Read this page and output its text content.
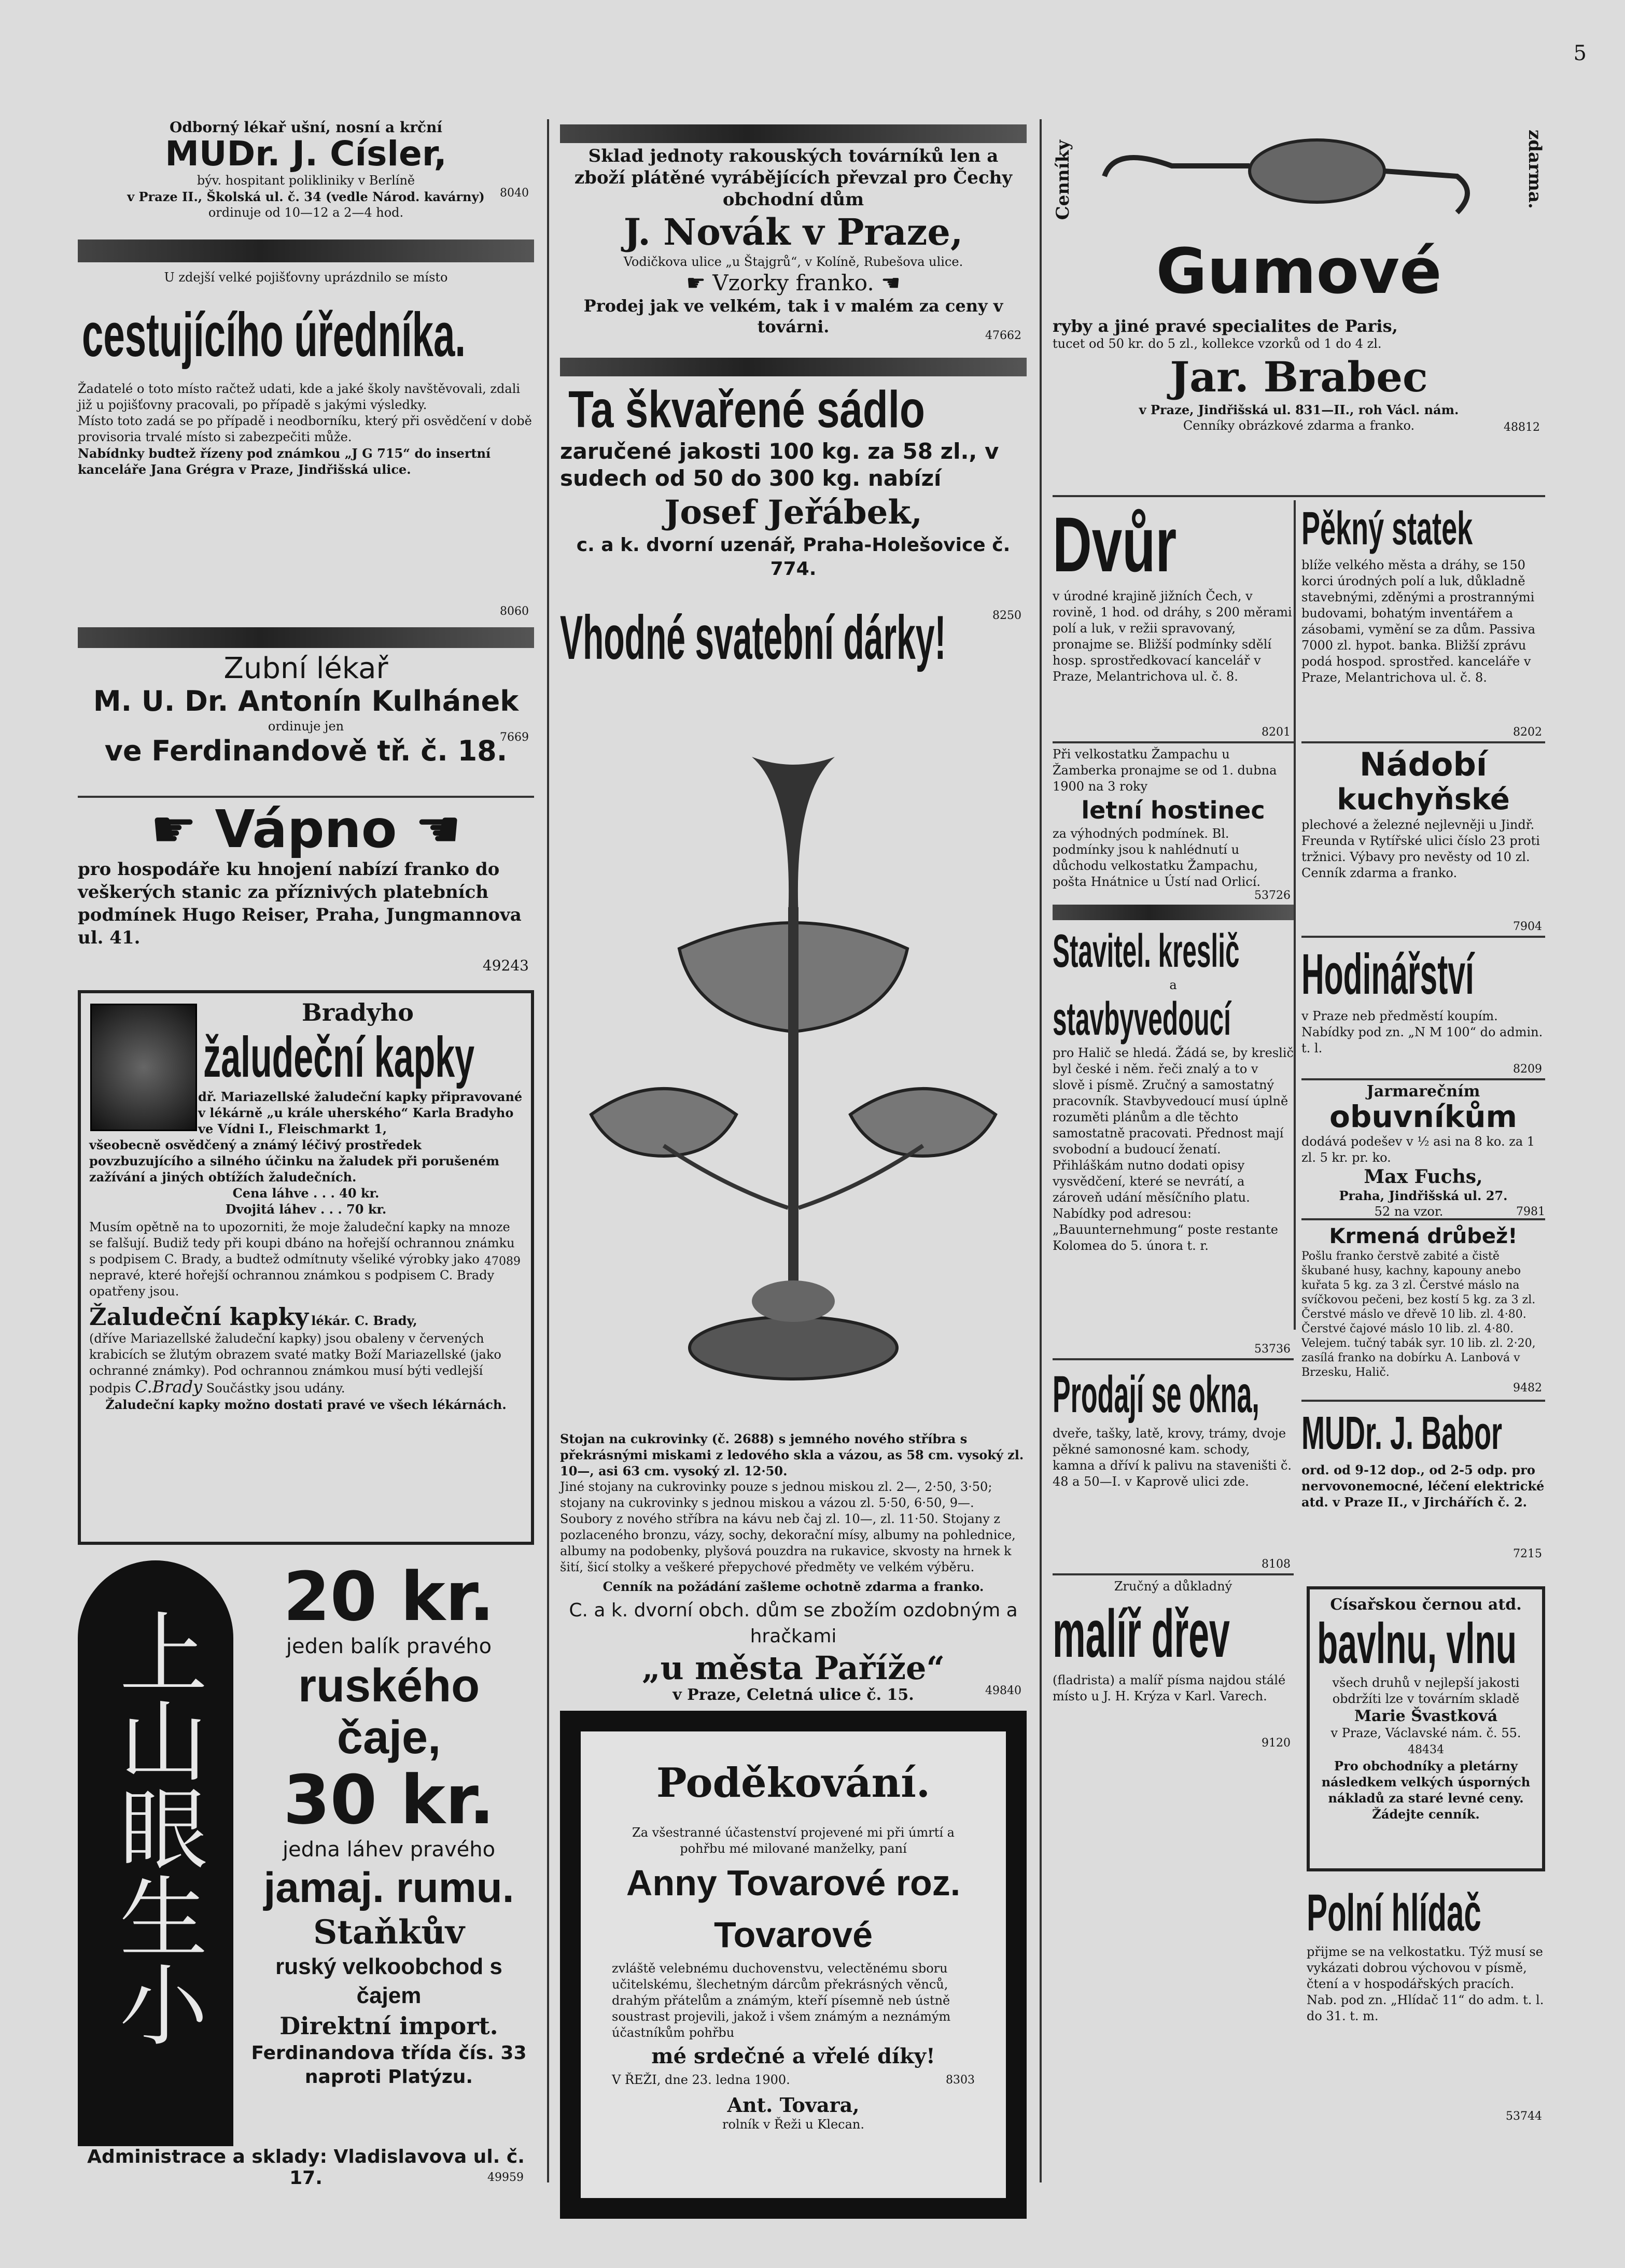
5

Odborný lékař ušní, nosní a krční

MUDr. J. Císler,

býv. hospitant polikliniky v Berlíně

v Praze II., Školská ul. č. 34 (vedle Národ. kavárny)

ordinuje od 10—12 a 2—4 hod.

8040

U zdejší velké pojišťovny uprázdnilo se místo

cestujícího úředníka.

Žadatelé o toto místo račtež udati, kde a jaké školy navštěvovali, zdali již u pojišťovny pracovali, po případě s jakými výsledky.

Místo toto zadá se po případě i neodborníku, který při osvědčení v době provisoria trvalé místo si zabezpečiti může.

Nabídnky budtež řízeny pod známkou „J G 715“ do insertní kanceláře Jana Grégra v Praze, Jindřišská ulice.

8060

Zubní lékař

M. U. Dr. Antonín Kulhánek

ordinuje jen

7669

ve Ferdinandově tř. č. 18.

☛ Vápno ☚

pro hospodáře ku hnojení nabízí franko do veškerých stanic za příznivých platebních podmínek Hugo Reiser, Praha, Jungmannova ul. 41.

49243

Bradyho

žaludeční kapky

dř. Mariazellské žaludeční kapky připravované v lékárně „u krále uherského“ Karla Bradyho ve Vídni I., Fleischmarkt 1,

všeobecně osvědčený a známý léčivý prostředek povzbuzujícího a silného účinku na žaludek při porušeném zažívání a jiných obtížích žaludečních.

Cena láhve . . . 40 kr.

Dvojitá láhev . . . 70 kr.

47089

Musím opětně na to upozorniti, že moje žaludeční kapky na mnoze se falšují. Budiž tedy při koupi dbáno na hořejší ochrannou známku s podpisem C. Brady, a budtež odmítnuty všeliké výrobky jako nepravé, které hořejší ochrannou známkou s podpisem C. Brady opatřeny jsou.

Žaludeční kapky lékár. C. Brady,

(dříve Mariazellské žaludeční kapky) jsou obaleny v červených krabicích se žlutým obrazem svaté matky Boží Mariazellské (jako ochranné známky). Pod ochrannou známkou musí býti vedlejší podpis C.Brady Součástky jsou udány.

Žaludeční kapky možno dostati pravé ve všech lékárnách.

上山眼生小

20 kr.

jeden balík pravého

ruského čaje,

30 kr.

jedna láhev pravého

jamaj. rumu.

Staňkův

ruský velkoobchod s čajem

Direktní import.

Ferdinandova třída čís. 33

naproti Platýzu.

Administrace a sklady: Vladislavova ul. č. 17.	49959

Sklad jednoty rakouských továrníků len a zboží plátěné vyrábějících převzal pro Čechy obchodní dům

J. Novák v Praze,

Vodičkova ulice „u Štajgrů“, v Kolíně, Rubešova ulice.

☛ Vzorky franko. ☚

Prodej jak ve velkém, tak i v malém za ceny v továrni.	47662

Ta škvařené sádlo

zaručené jakosti 100 kg. za 58 zl., v sudech od 50 do 300 kg. nabízí

Josef Jeřábek,

c. a k. dvorní uzenář, Praha-Holešovice č. 774.

8250

Vhodné svatební dárky!

Stojan na cukrovinky (č. 2688) s jemného nového stříbra s překrásnými miskami z ledového skla a vázou, as 58 cm. vysoký zl. 10—, asi 63 cm. vysoký zl. 12·50.

Jiné stojany na cukrovinky pouze s jednou miskou zl. 2—, 2·50, 3·50; stojany na cukrovinky s jednou miskou a vázou zl. 5·50, 6·50, 9—.

Soubory z nového stříbra na kávu neb čaj zl. 10—, zl. 11·50. Stojany z pozlaceného bronzu, vázy, sochy, dekorační mísy, albumy na pohlednice, albumy na podobenky, plyšová pouzdra na rukavice, skvosty na hrnek k šití, šicí stolky a veškeré přepychové předměty ve velkém výběru.

Cenník na požádání zašleme ochotně zdarma a franko.

C. a k. dvorní obch. dům se zbožím ozdobným a hračkami

„u města Paříže“

v Praze, Celetná ulice č. 15.	49840

Poděkování.

Za všestranné účastenství projevené mi při úmrtí a pohřbu mé milované manželky, paní

Anny Tovarové roz. Tovarové

zvláště velebnému duchovenstvu, velectěnému sboru učitelskému, šlechetným dárcům překrásných věnců, drahým přátelům a známým, kteří písemně neb ústně soustrast projevili, jakož i všem známým a neznámým účastníkům pohřbu

mé srdečné a vřelé díky!

V ŘEŽI, dne 23. ledna 1900.	8303

Ant. Tovara,

rolník v Řeži u Klecan.

Cenníky	zdarma.

Gumové

ryby a jiné pravé specialites de Paris,

tucet od 50 kr. do 5 zl., kollekce vzorků od 1 do 4 zl.

Jar. Brabec

v Praze, Jindřišská ul. 831—II., roh Václ. nám.

Cenníky obrázkové zdarma a franko.	48812

Dvůr

v úrodné krajině jižních Čech, v rovině, 1 hod. od dráhy, s 200 měrami polí a luk, v režii spravovaný, pronajme se. Bližší podmínky sdělí hosp. sprostředkovací kancelář v Praze, Melantrichova ul. č. 8.

8201

Při velkostatku Žampachu u Žamberka pronajme se od 1. dubna 1900 na 3 roky

letní hostinec

za výhodných podmínek. Bl. podmínky jsou k nahlédnutí u důchodu velkostatku Žampachu, pošta Hnátnice u Ústí nad Orlicí.

53726

Stavitel. kreslič

a

stavbyvedoucí

pro Halič se hledá. Žádá se, by kreslič byl české i něm. řeči znalý a to v slově i písmě. Zručný a samostatný pracovník. Stavbyvedoucí musí úplně rozuměti plánům a dle těchto samostatně pracovati. Přednost mají svobodní a budoucí ženatí. Přihláškám nutno dodati opisy vysvědčení, které se nevrátí, a zároveň udání měsíčního platu. Nabídky pod adresou: „Bauunternehmung“ poste restante Kolomea do 5. února t. r.

53736

Prodají se okna,

dveře, tašky, latě, krovy, trámy, dvoje pěkné samonosné kam. schody, kamna a dříví k palivu na staveništi č. 48 a 50—I. v Kaprově ulici zde.

8108

Zručný a důkladný

malíř dřev

(fladrista) a malíř písma najdou stálé místo u J. H. Krýza v Karl. Varech.

9120

Pěkný statek

blíže velkého města a dráhy, se 150 korci úrodných polí a luk, důkladně stavebnými, zděnými a prostrannými budovami, bohatým inventářem a zásobami, vymění se za dům. Passiva 7000 zl. hypot. banka. Bližší zprávu podá hospod. sprostřed. kanceláře v Praze, Melantrichova ul. č. 8.

8202

Nádobí

kuchyňské

plechové a železné nejlevněji u Jindř. Freunda v Rytířské ulici číslo 23 proti tržnici. Výbavy pro nevěsty od 10 zl. Cenník zdarma a franko.

7904

Hodinářství

v Praze neb předměstí koupím. Nabídky pod zn. „N M 100“ do admin. t. l.

8209

Jarmarečním

obuvníkům

dodává podešev v ½ asi na 8 ko. za 1 zl. 5 kr. pr. ko.

Max Fuchs,

Praha, Jindřišská ul. 27.

52 na vzor.	7981

Krmená drůbež!

Pošlu franko čerstvě zabité a čistě škubané husy, kachny, kapouny anebo kuřata 5 kg. za 3 zl. Čerstvé máslo na svíčkovou pečeni, bez kostí 5 kg. za 3 zl. Čerstvé máslo ve dřevě 10 lib. zl. 4·80. Čerstvé čajové máslo 10 lib. zl. 4·80. Velejem. tučný tabák syr. 10 lib. zl. 2·20, zasílá franko na dobírku A. Lanbová v Brzesku, Halič.

9482

MUDr. J. Babor

ord. od 9-12 dop., od 2-5 odp. pro nervovonemocné, léčení elektrické atd. v Praze II., v Jirchářích č. 2.

7215

Císařskou černou atd.

bavlnu, vlnu

všech druhů v nejlepší jakosti obdržíti lze v továrním skladě

Marie Švastková

v Praze, Václavské nám. č. 55. 48434

Pro obchodníky a pletárny následkem velkých úsporných nákladů za staré levné ceny. Žádejte cenník.

Polní hlídač

přijme se na velkostatku. Týž musí se vykázati dobrou výchovou v písmě, čtení a v hospodářských pracích. Nab. pod zn. „Hlídač 11“ do adm. t. l. do 31. t. m.

53744
